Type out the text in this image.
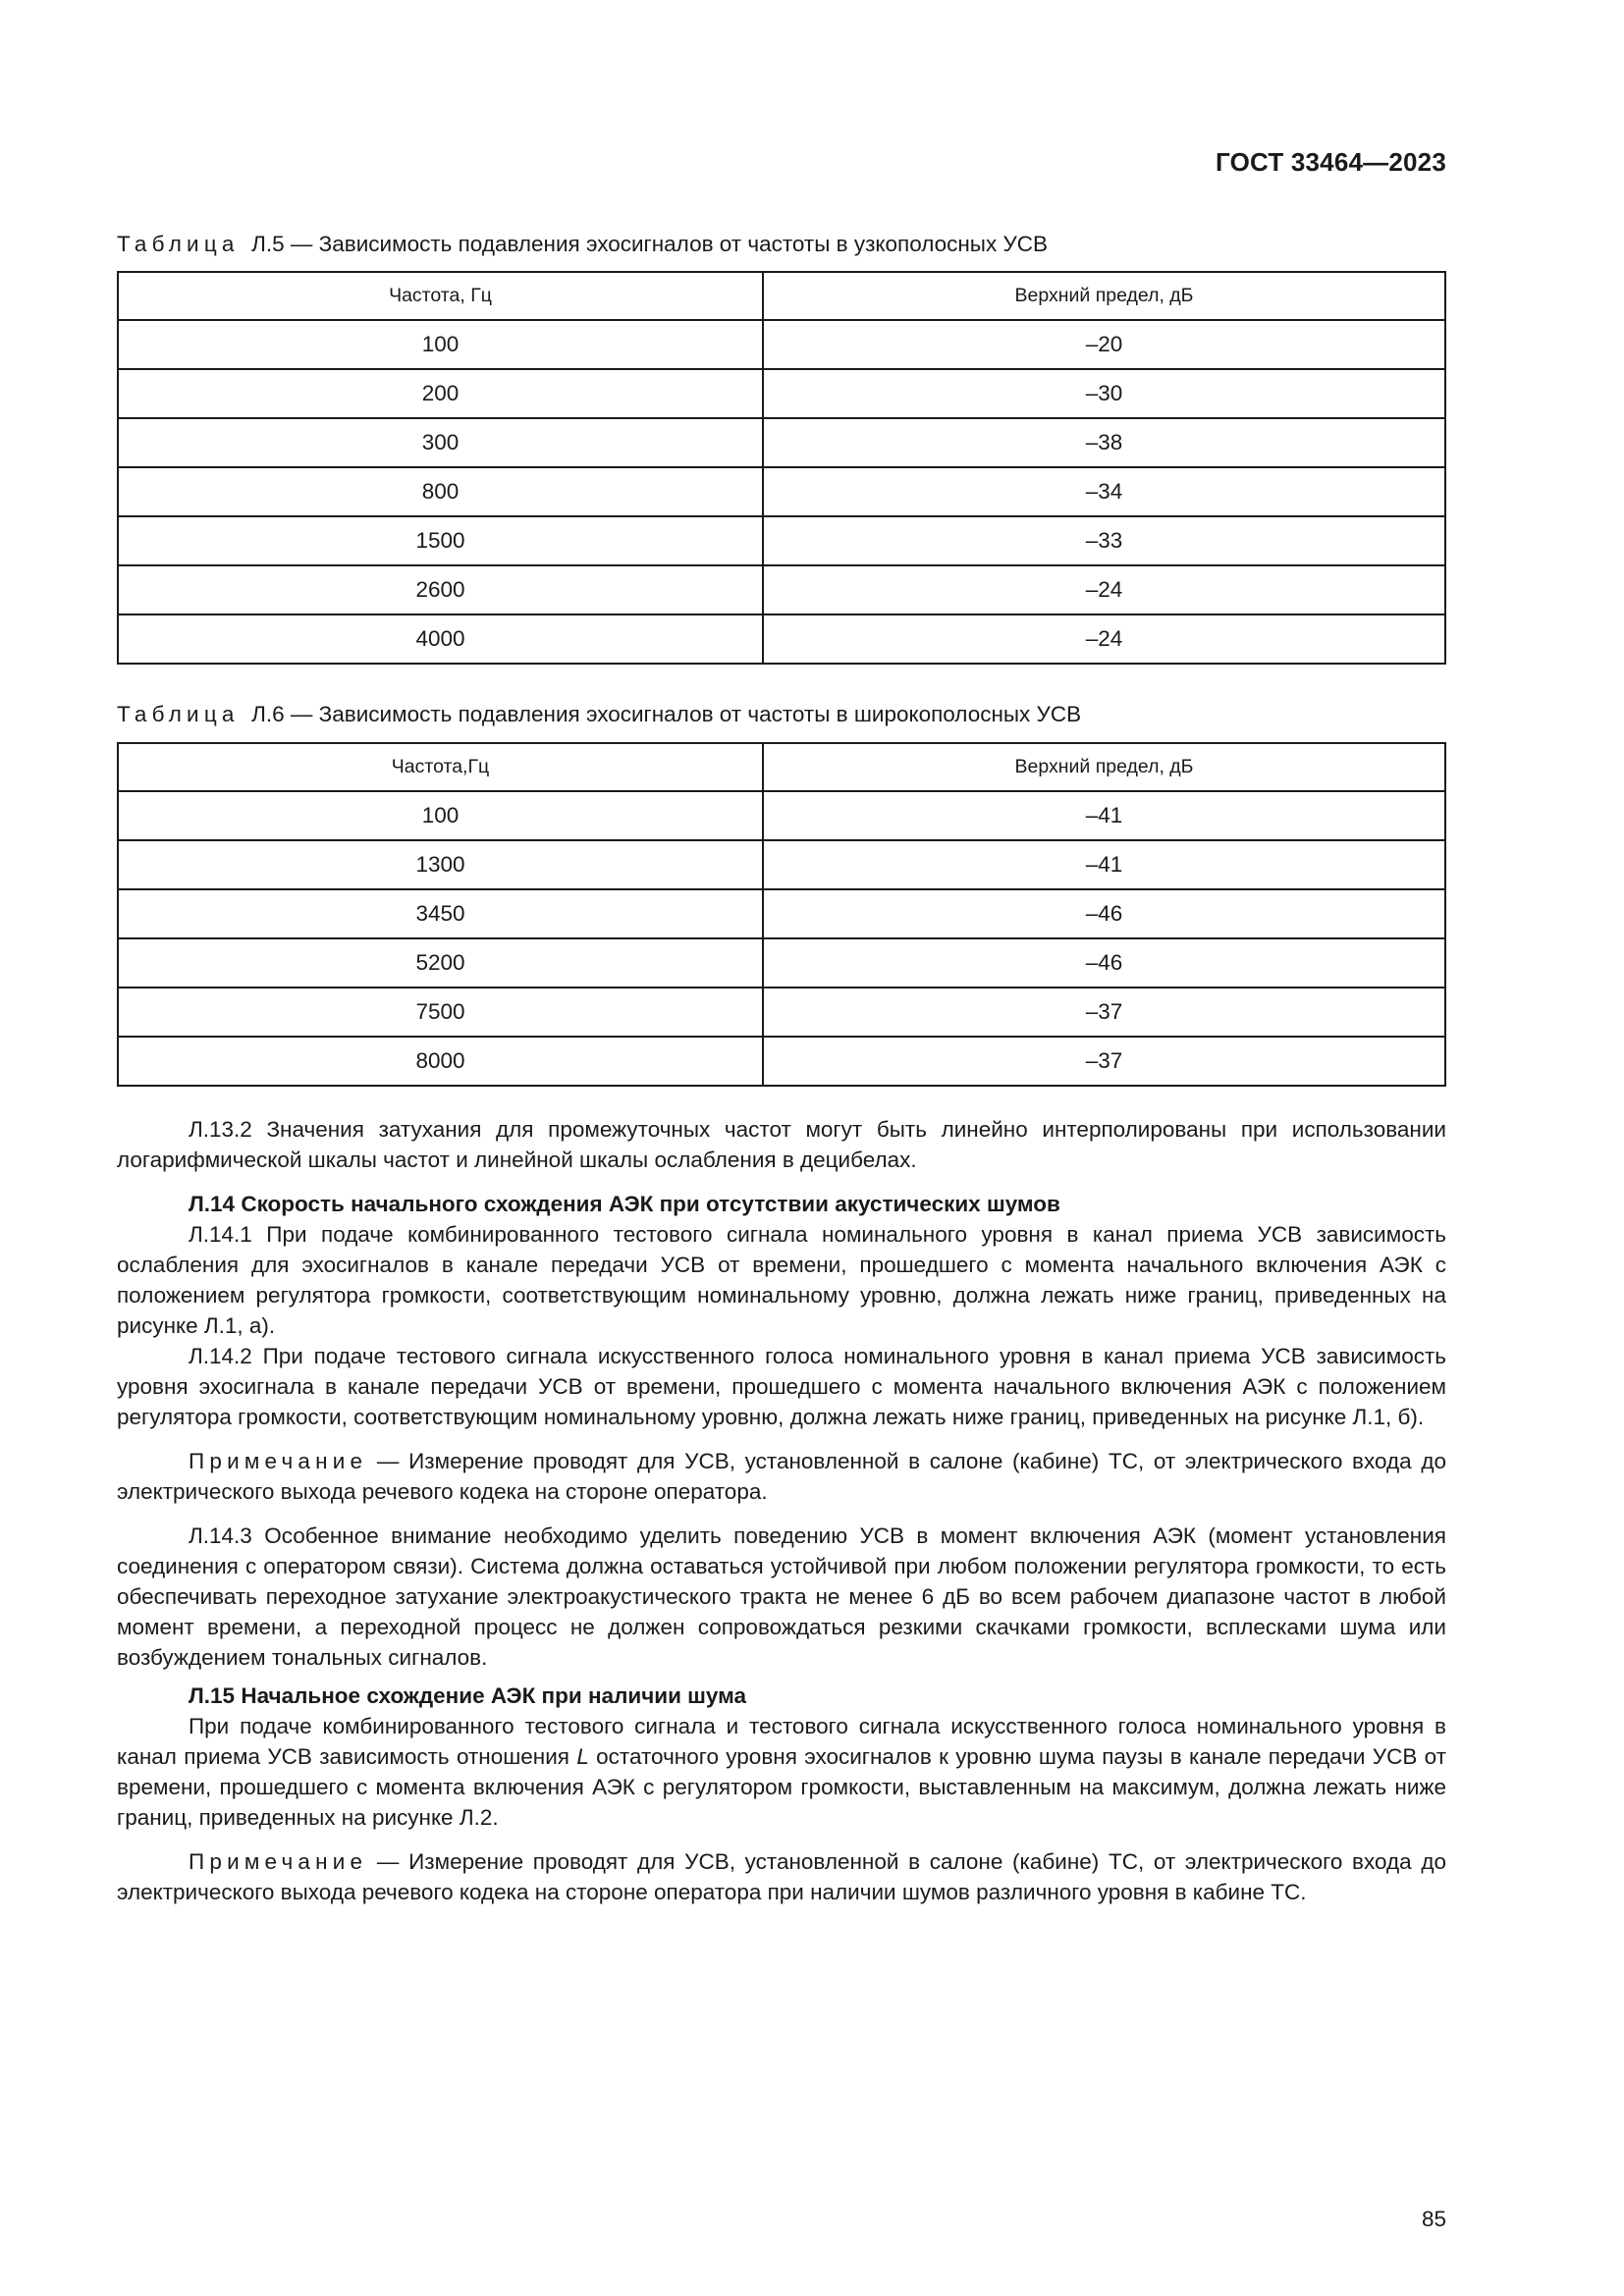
ГОСТ 33464—2023
Таблица Л.5 — Зависимость подавления эхосигналов от частоты в узкополосных УСВ
Частота, Гц	Верхний предел, дБ
100	–20
200	–30
300	–38
800	–34
1500	–33
2600	–24
4000	–24
Таблица Л.6 — Зависимость подавления эхосигналов от частоты в широкополосных УСВ
Частота,Гц	Верхний предел, дБ
100	–41
1300	–41
3450	–46
5200	–46
7500	–37
8000	–37

Л.13.2 Значения затухания для промежуточных частот могут быть линейно интерполированы при использовании логарифмической шкалы частот и линейной шкалы ослабления в децибелах.

Л.14 Скорость начального схождения АЭК при отсутствии акустических шумов

Л.14.1 При подаче комбинированного тестового сигнала номинального уровня в канал приема УСВ зависимость ослабления для эхосигналов в канале передачи УСВ от времени, прошедшего с момента начального включения АЭК с положением регулятора громкости, соответствующим номинальному уровню, должна лежать ниже границ, приведенных на рисунке Л.1, а).

Л.14.2 При подаче тестового сигнала искусственного голоса номинального уровня в канал приема УСВ зависимость уровня эхосигнала в канале передачи УСВ от времени, прошедшего с момента начального включения АЭК с положением регулятора громкости, соответствующим номинальному уровню, должна лежать ниже границ, приведенных на рисунке Л.1, б).

Примечание — Измерение проводят для УСВ, установленной в салоне (кабине) ТС, от электрического входа до электрического выхода речевого кодека на стороне оператора.

Л.14.3 Особенное внимание необходимо уделить поведению УСВ в момент включения АЭК (момент установления соединения с оператором связи). Система должна оставаться устойчивой при любом положении регулятора громкости, то есть обеспечивать переходное затухание электроакустического тракта не менее 6 дБ во всем рабочем диапазоне частот в любой момент времени, а переходной процесс не должен сопровождаться резкими скачками громкости, всплесками шума или возбуждением тональных сигналов.

Л.15 Начальное схождение АЭК при наличии шума

При подаче комбинированного тестового сигнала и тестового сигнала искусственного голоса номинального уровня в канал приема УСВ зависимость отношения L остаточного уровня эхосигналов к уровню шума паузы в канале передачи УСВ от времени, прошедшего с момента включения АЭК с регулятором громкости, выставленным на максимум, должна лежать ниже границ, приведенных на рисунке Л.2.

Примечание — Измерение проводят для УСВ, установленной в салоне (кабине) ТС, от электрического входа до электрического выхода речевого кодека на стороне оператора при наличии шумов различного уровня в кабине ТС.

85
